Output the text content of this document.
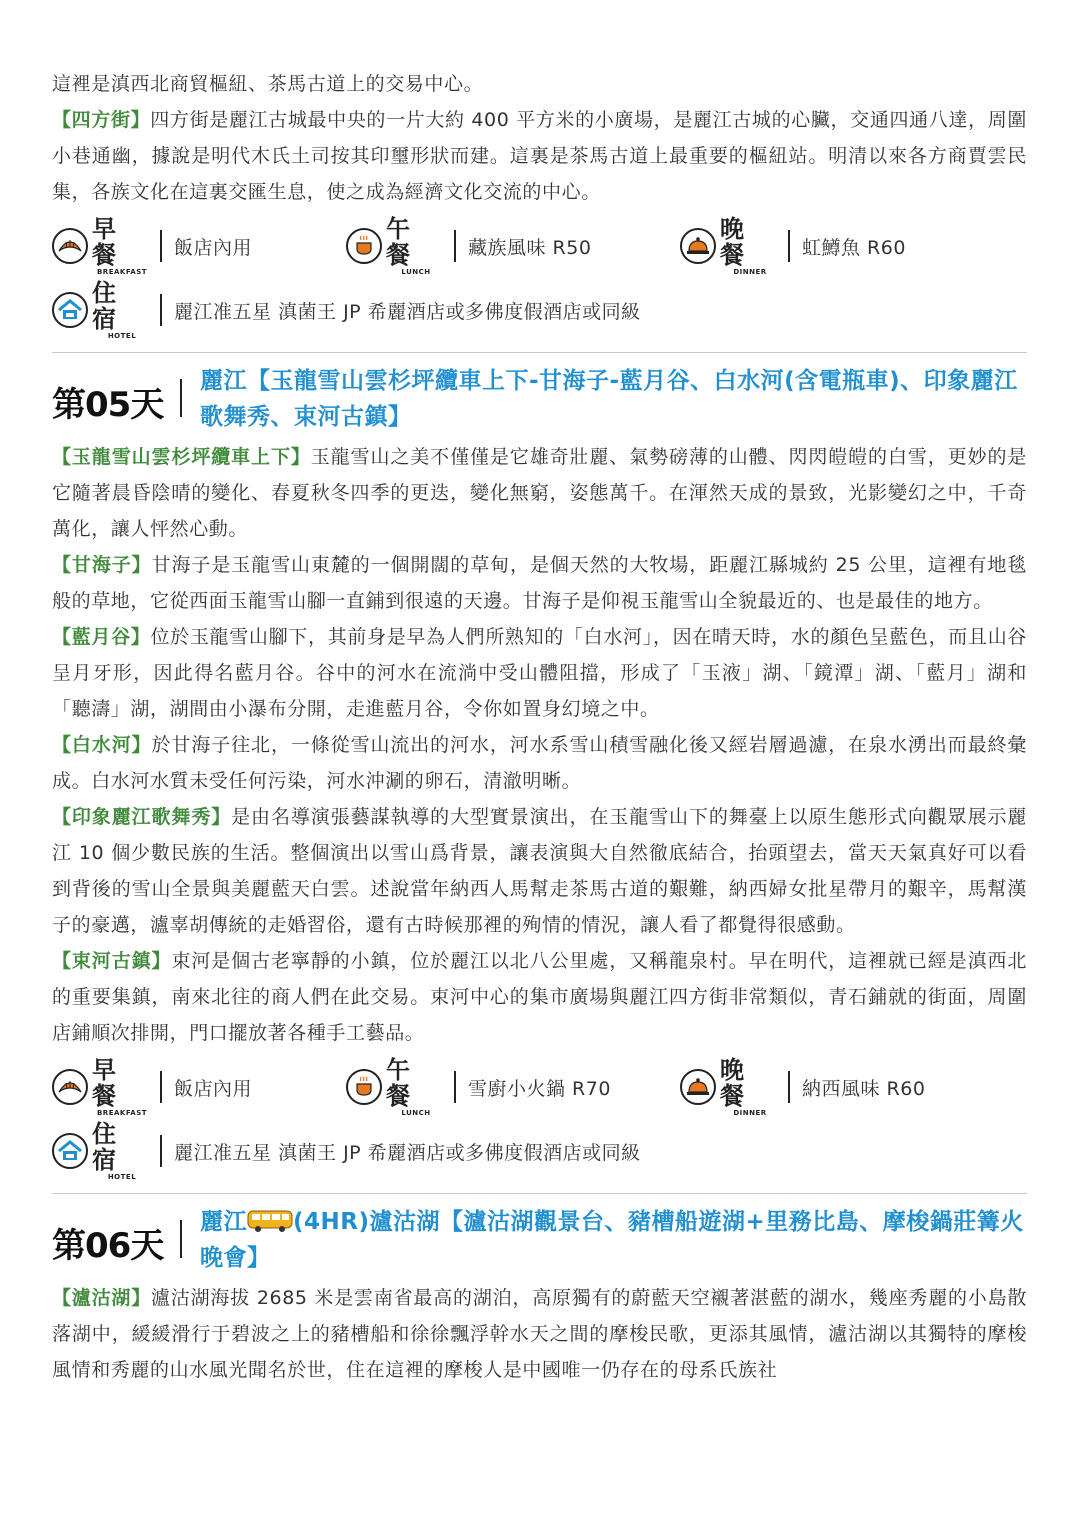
這裡是滇西北商貿樞紐、茶馬古道上的交易中心。

【四方街】四方街是麗江古城最中央的一片大約 400 平方米的小廣場，是麗江古城的心臟，交通四通八達，周圍小巷通幽，據說是明代木氏土司按其印璽形狀而建。這裏是茶馬古道上最重要的樞紐站。明清以來各方商賈雲民集，各族文化在這裏交匯生息，使之成為經濟文化交流的中心。

早 餐
BREAKFAST
飯店內用
午 餐
LUNCH
藏族風味 R50
晚 餐
DINNER
虹鱒魚 R60
住 宿
HOTEL
麗江准五星 滇菌王 JP 希麗酒店或多佛度假酒店或同級
第05天
麗江【玉龍雪山雲杉坪纜車上下-甘海子-藍月谷、白水河(含電瓶車)、印象麗江歌舞秀、束河古鎮】

【玉龍雪山雲杉坪纜車上下】玉龍雪山之美不僅僅是它雄奇壯麗、氣勢磅薄的山體、閃閃皚皚的白雪，更妙的是它隨著晨昏陰晴的變化、春夏秋冬四季的更迭，變化無窮，姿態萬千。在渾然天成的景致，光影變幻之中，千奇萬化，讓人怦然心動。

【甘海子】甘海子是玉龍雪山東麓的一個開闊的草甸，是個天然的大牧場，距麗江縣城約 25 公里，這裡有地毯般的草地，它從西面玉龍雪山腳一直鋪到很遠的天邊。甘海子是仰視玉龍雪山全貌最近的、也是最佳的地方。

【藍月谷】位於玉龍雪山腳下，其前身是早為人們所熟知的「白水河」，因在晴天時，水的顏色呈藍色，而且山谷呈月牙形，因此得名藍月谷。谷中的河水在流淌中受山體阻擋，形成了「玉液」湖、「鏡潭」湖、「藍月」湖和「聽濤」湖，湖間由小瀑布分開，走進藍月谷，令你如置身幻境之中。

【白水河】於甘海子往北，一條從雪山流出的河水，河水系雪山積雪融化後又經岩層過濾，在泉水湧出而最終彙成。白水河水質未受任何污染，河水沖涮的卵石，清澈明晰。

【印象麗江歌舞秀】是由名導演張藝謀執導的大型實景演出，在玉龍雪山下的舞臺上以原生態形式向觀眾展示麗江 10 個少數民族的生活。整個演出以雪山爲背景，讓表演與大自然徹底結合，抬頭望去，當天天氣真好可以看到背後的雪山全景與美麗藍天白雲。述說當年納西人馬幫走茶馬古道的艱難，納西婦女批星帶月的艱辛，馬幫漢子的豪邁，瀘辜胡傳統的走婚習俗，還有古時候那裡的殉情的情況，讓人看了都覺得很感動。

【束河古鎮】束河是個古老寧靜的小鎮，位於麗江以北八公里處，又稱龍泉村。早在明代，這裡就已經是滇西北的重要集鎮，南來北往的商人們在此交易。束河中心的集市廣場與麗江四方街非常類似，青石鋪就的街面，周圍店鋪順次排開，門口擺放著各種手工藝品。

早 餐
BREAKFAST
飯店內用
午 餐
LUNCH
雪廚小火鍋 R70
晚 餐
DINNER
納西風味 R60
住 宿
HOTEL
麗江准五星 滇菌王 JP 希麗酒店或多佛度假酒店或同級
第06天
麗江 (4HR)瀘沽湖【瀘沽湖觀景台、豬槽船遊湖+里務比島、摩梭鍋莊篝火晚會】

【瀘沽湖】瀘沽湖海拔 2685 米是雲南省最高的湖泊，高原獨有的蔚藍天空襯著湛藍的湖水，幾座秀麗的小島散落湖中，緩緩滑行于碧波之上的豬槽船和徐徐飄浮幹水天之間的摩梭民歌，更添其風情，瀘沽湖以其獨特的摩梭風情和秀麗的山水風光聞名於世，住在這裡的摩梭人是中國唯一仍存在的母系氏族社
